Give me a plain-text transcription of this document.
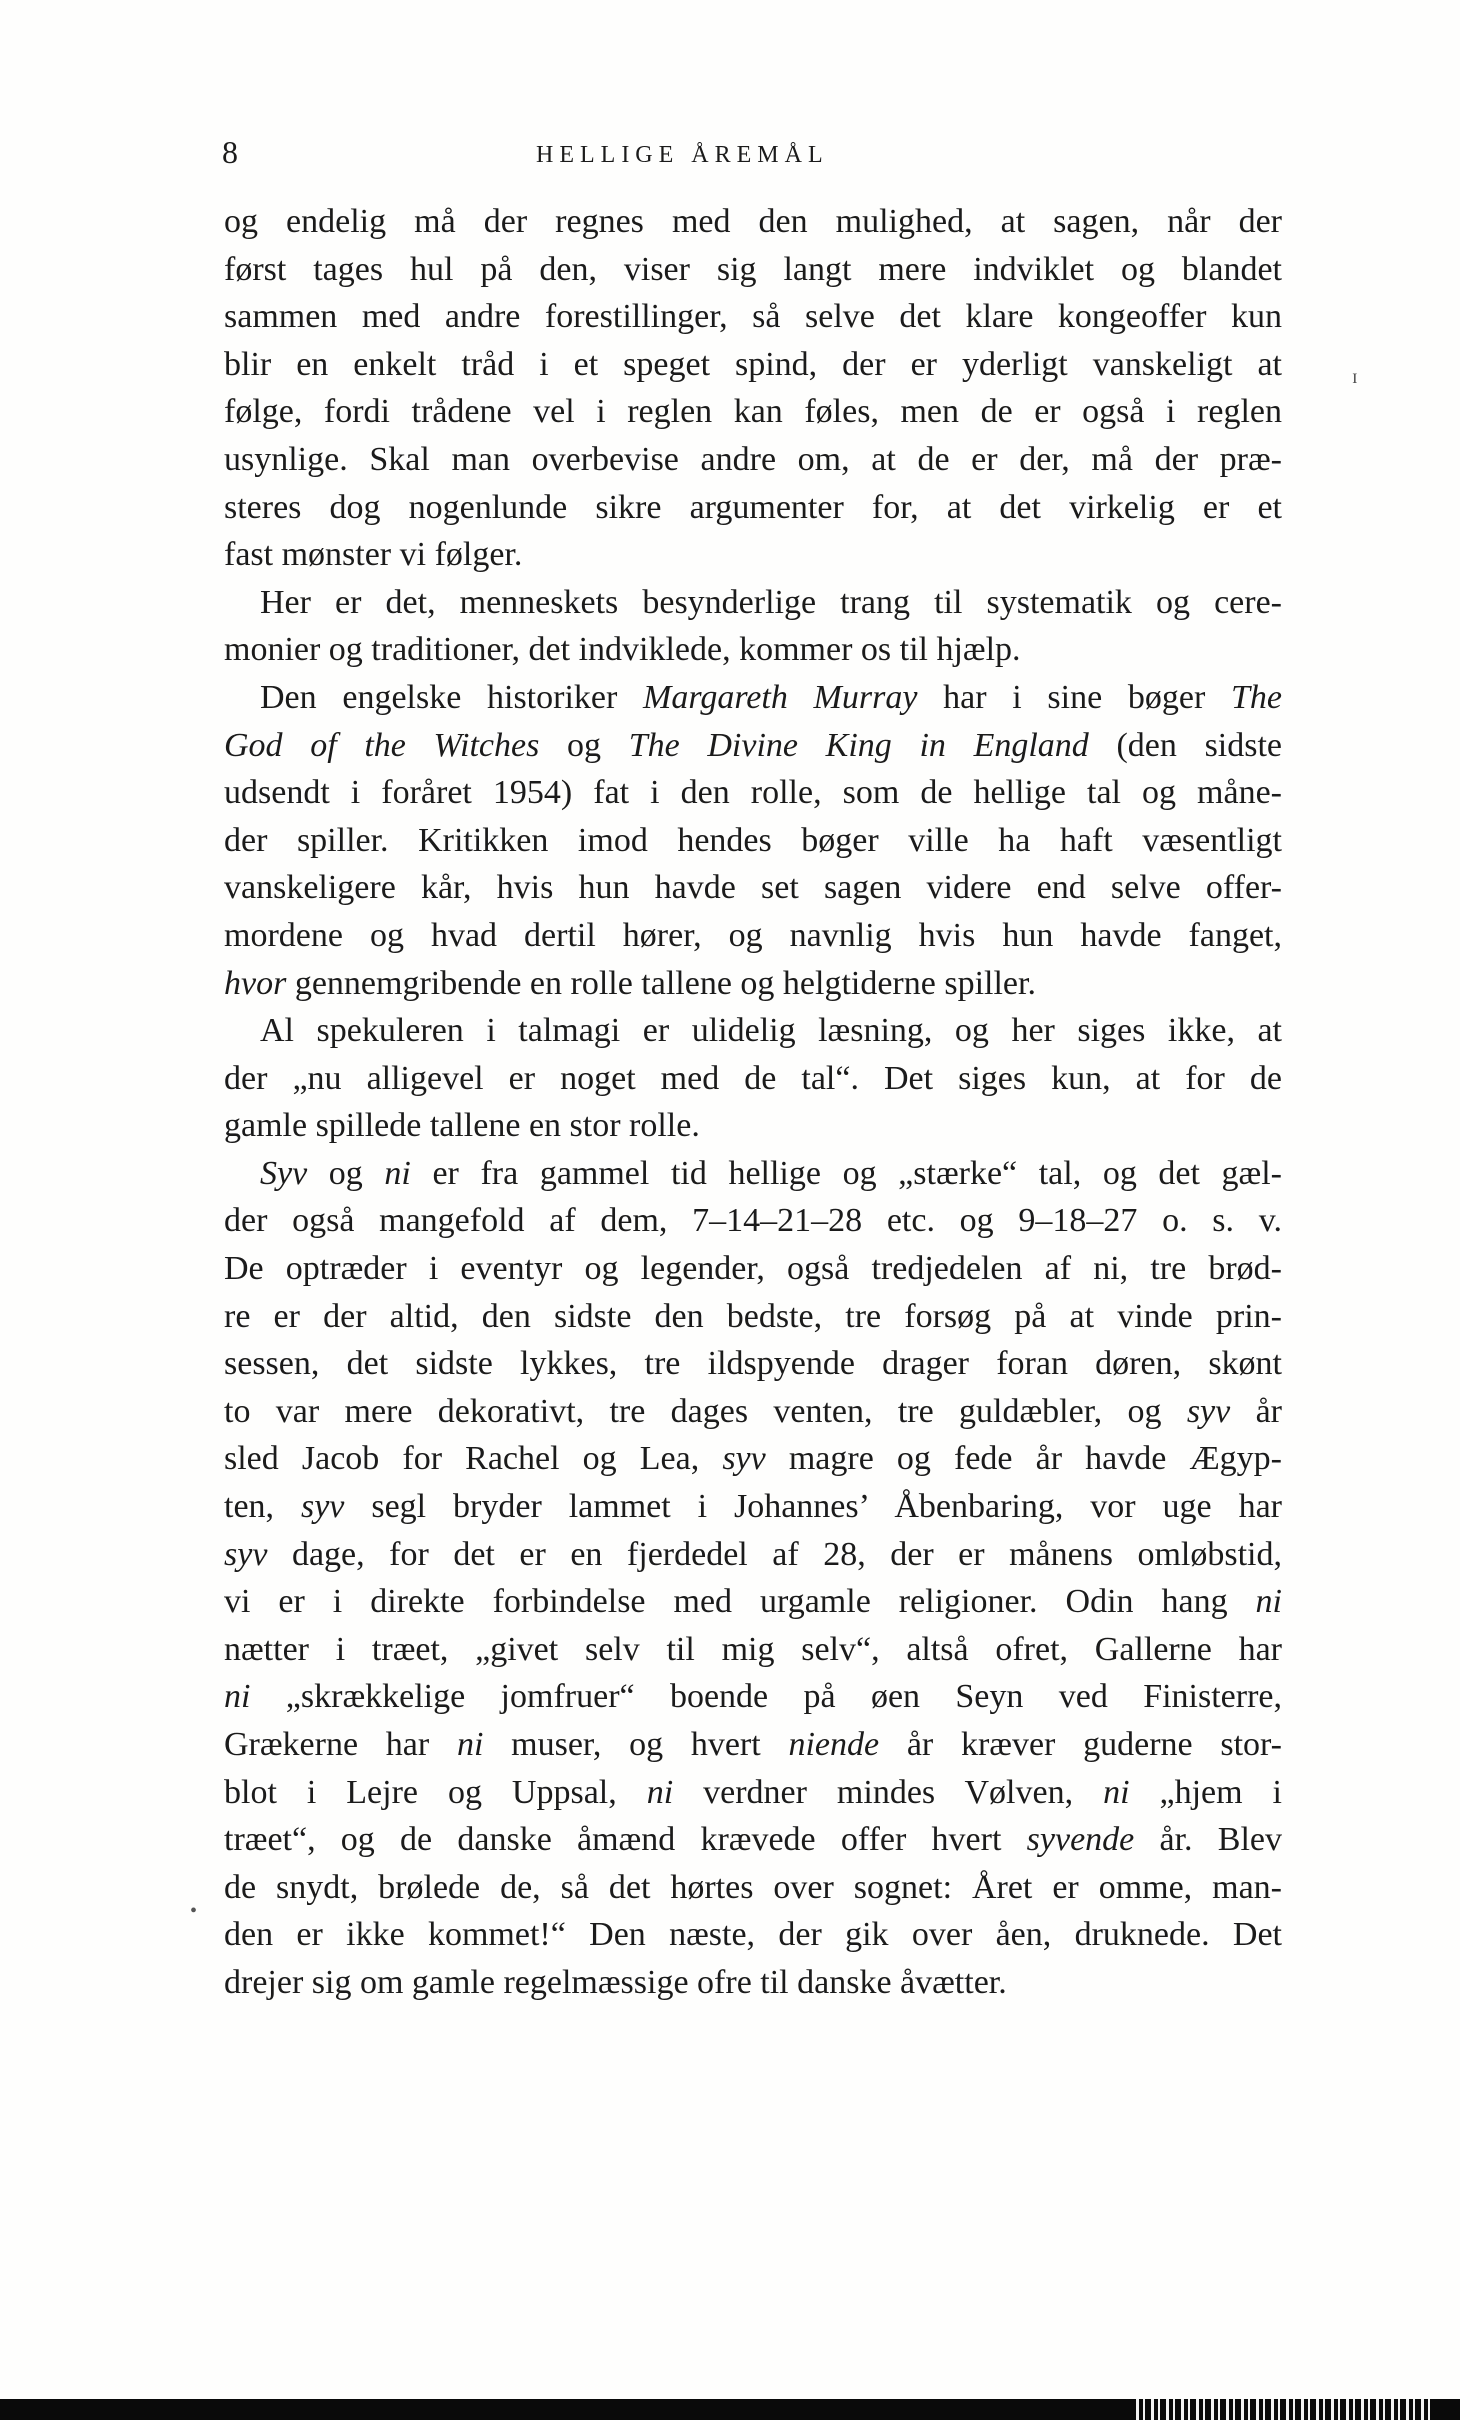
8	HELLIGE ÅREMÅL
og endelig må der regnes med den mulighed, at sagen, når der
først tages hul på den, viser sig langt mere indviklet og blandet
sammen med andre forestillinger, så selve det klare kongeoffer kun
blir en enkelt tråd i et speget spind, der er yderligt vanskeligt at
følge, fordi trådene vel i reglen kan føles, men de er også i reglen
usynlige. Skal man overbevise andre om, at de er der, må der præ-
steres dog nogenlunde sikre argumenter for, at det virkelig er et
fast mønster vi følger.
Her er det, menneskets besynderlige trang til systematik og cere-
monier og traditioner, det indviklede, kommer os til hjælp.
Den engelske historiker Margareth Murray har i sine bøger The
God of the Witches og The Divine King in England (den sidste
udsendt i foråret 1954) fat i den rolle, som de hellige tal og måne-
der spiller. Kritikken imod hendes bøger ville ha haft væsentligt
vanskeligere kår, hvis hun havde set sagen videre end selve offer-
mordene og hvad dertil hører, og navnlig hvis hun havde fanget,
hvor gennemgribende en rolle tallene og helgtiderne spiller.
Al spekuleren i talmagi er ulidelig læsning, og her siges ikke, at
der „nu alligevel er noget med de tal“. Det siges kun, at for de
gamle spillede tallene en stor rolle.
Syv og ni er fra gammel tid hellige og „stærke“ tal, og det gæl-
der også mangefold af dem, 7–14–21–28 etc. og 9–18–27 o. s. v.
De optræder i eventyr og legender, også tredjedelen af ni, tre brød-
re er der altid, den sidste den bedste, tre forsøg på at vinde prin-
sessen, det sidste lykkes, tre ildspyende drager foran døren, skønt
to var mere dekorativt, tre dages venten, tre guldæbler, og syv år
sled Jacob for Rachel og Lea, syv magre og fede år havde Ægyp-
ten, syv segl bryder lammet i Johannes’ Åbenbaring, vor uge har
syv dage, for det er en fjerdedel af 28, der er månens omløbstid,
vi er i direkte forbindelse med urgamle religioner. Odin hang ni
nætter i træet, „givet selv til mig selv“, altså ofret, Gallerne har
ni „skrækkelige jomfruer“ boende på øen Seyn ved Finisterre,
Grækerne har ni muser, og hvert niende år kræver guderne stor-
blot i Lejre og Uppsal, ni verdner mindes Vølven, ni „hjem i
træet“, og de danske åmænd krævede offer hvert syvende år. Blev
de snydt, brølede de, så det hørtes over sognet: Året er omme, man-
den er ikke kommet!“ Den næste, der gik over åen, druknede. Det
drejer sig om gamle regelmæssige ofre til danske åvætter.
ɪ
•
